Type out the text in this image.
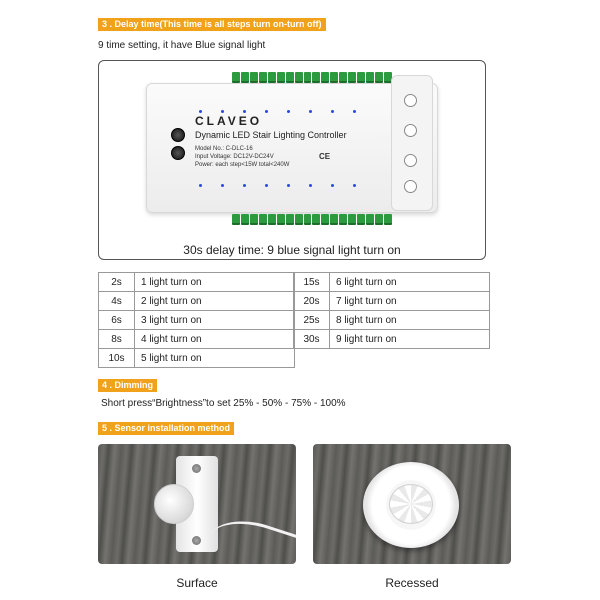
3 . Delay time(This time is all steps turn on-turn off)
9 time setting, it have Blue signal light
CLAVEO
Dynamic LED Stair Lighting Controller
Model No.: C-DLC-16
Input Voltage: DC12V-DC24V
Power: each step<15W total<240W
CE
30s delay time: 9 blue signal light turn on
2s	1 light turn on
4s	2 light turn on
6s	3 light turn on
8s	4 light turn on
10s	5 light turn on
15s	6 light turn on
20s	7 light turn on
25s	8 light turn on
30s	9 light turn on
4 . Dimming
Short press“Brightness”to set 25% - 50% - 75% - 100%
5 . Sensor installation method
Surface	Recessed
